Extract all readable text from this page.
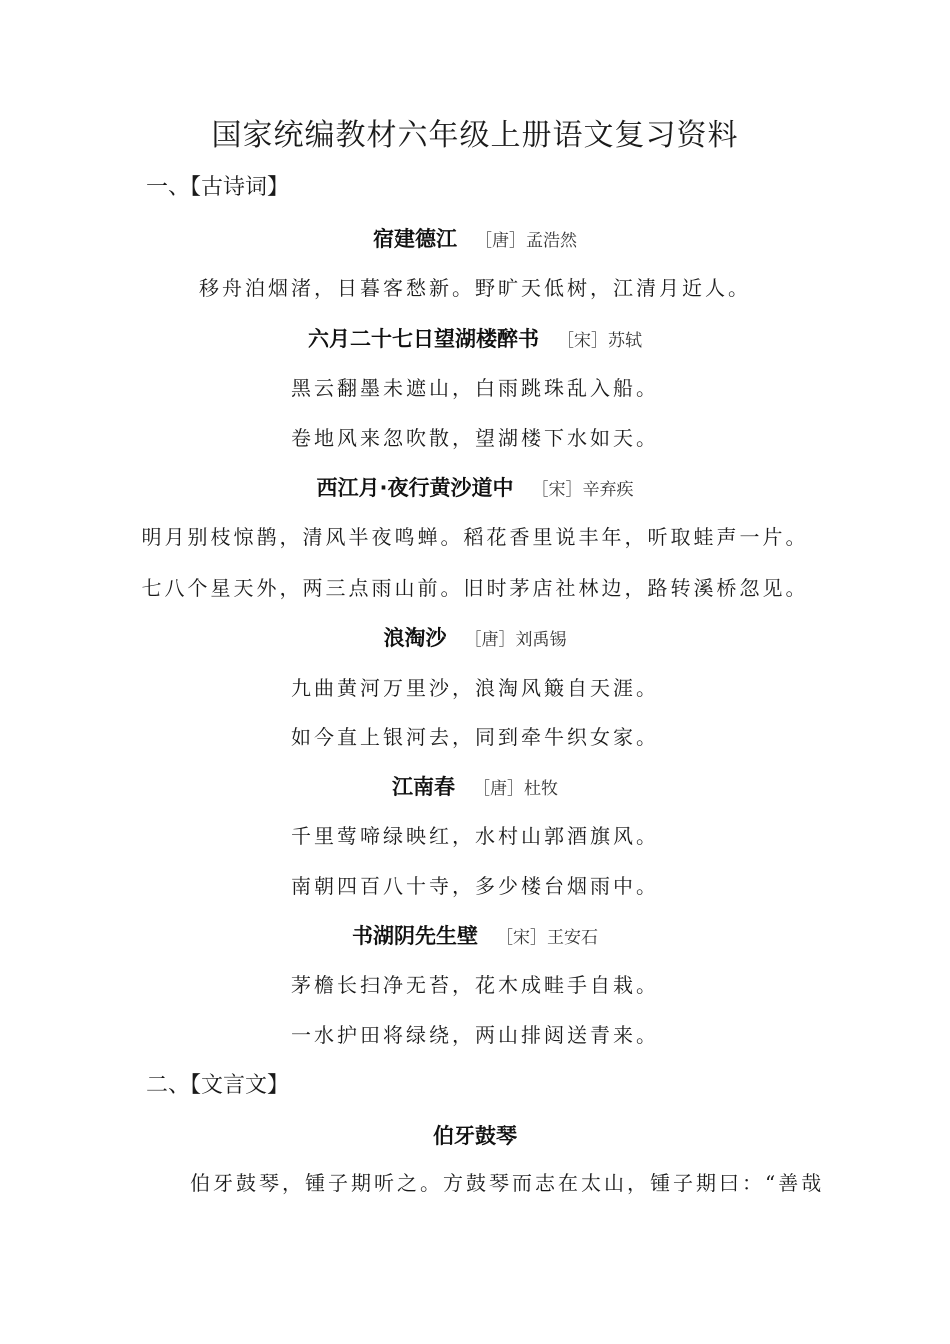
国家统编教材六年级上册语文复习资料
一、【古诗词】
宿建德江 ［唐］孟浩然
移舟泊烟渚，日暮客愁新。野旷天低树，江清月近人。
六月二十七日望湖楼醉书 ［宋］苏轼
黑云翻墨未遮山，白雨跳珠乱入船。
卷地风来忽吹散，望湖楼下水如天。
西江月·夜行黄沙道中 ［宋］辛弃疾
明月别枝惊鹊，清风半夜鸣蝉。稻花香里说丰年，听取蛙声一片。
七八个星天外，两三点雨山前。旧时茅店社林边，路转溪桥忽见。
浪淘沙 ［唐］刘禹锡
九曲黄河万里沙，浪淘风簸自天涯。
如今直上银河去，同到牵牛织女家。
江南春 ［唐］杜牧
千里莺啼绿映红，水村山郭酒旗风。
南朝四百八十寺，多少楼台烟雨中。
书湖阴先生壁 ［宋］王安石
茅檐长扫净无苔，花木成畦手自栽。
一水护田将绿绕，两山排闼送青来。
二、【文言文】
伯牙鼓琴
伯牙鼓琴，锺子期听之。方鼓琴而志在太山，锺子期曰：“善哉
